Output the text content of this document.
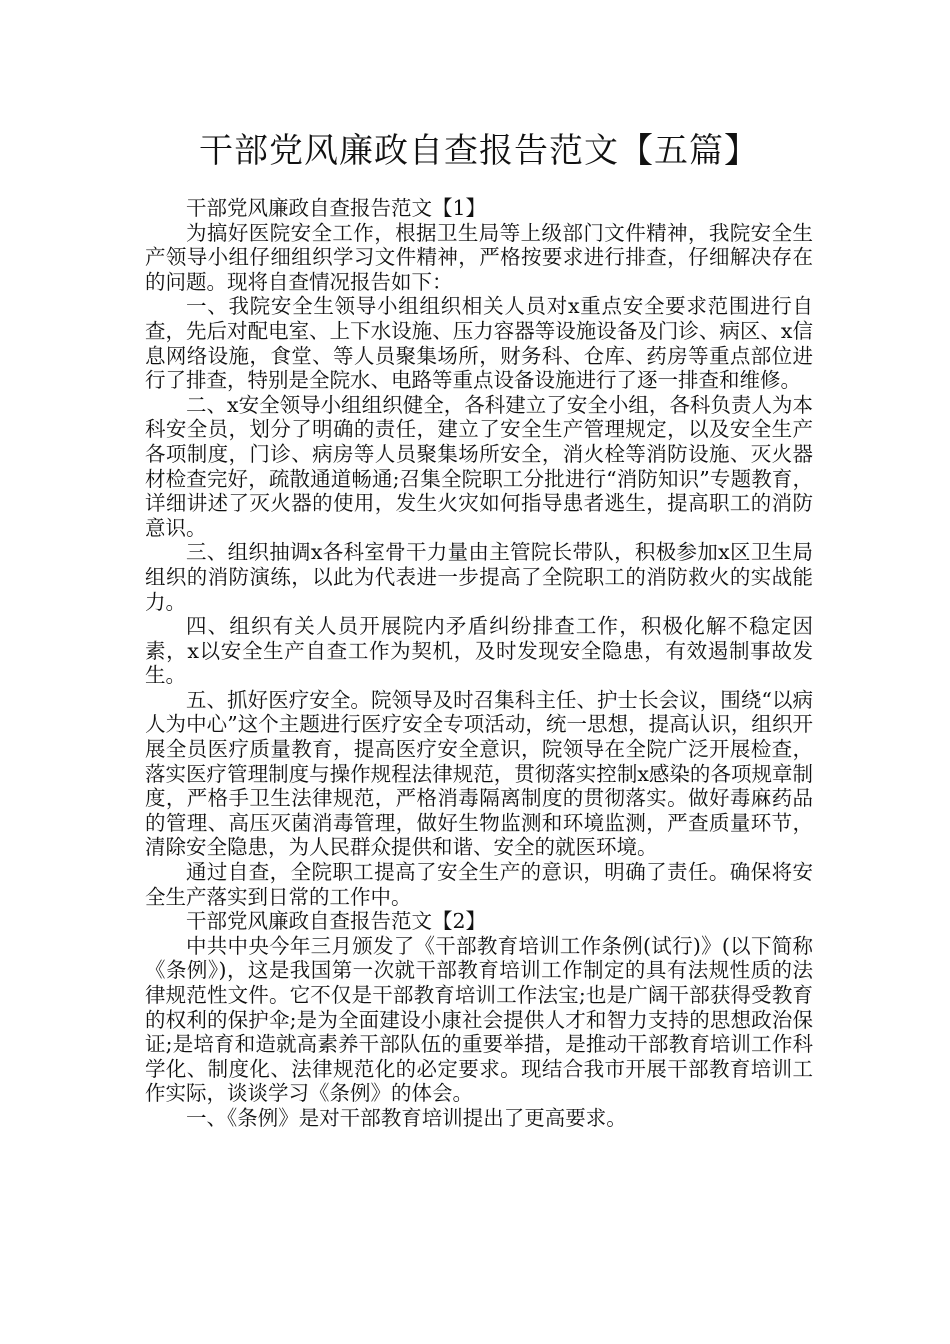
干部党风廉政自查报告范文【五篇】

干部党风廉政自查报告范文【1】

为搞好医院安全工作，根据卫生局等上级部门文件精神，我院安全生产领导小组仔细组织学习文件精神，严格按要求进行排查，仔细解决存在的问题。现将自查情况报告如下：

一、我院安全生领导小组组织相关人员对x重点安全要求范围进行自查，先后对配电室、上下水设施、压力容器等设施设备及门诊、病区、x信息网络设施，食堂、等人员聚集场所，财务科、仓库、药房等重点部位进行了排查，特别是全院水、电路等重点设备设施进行了逐一排查和维修。

二、x安全领导小组组织健全，各科建立了安全小组，各科负责人为本科安全员，划分了明确的责任，建立了安全生产管理规定，以及安全生产各项制度，门诊、病房等人员聚集场所安全，消火栓等消防设施、灭火器材检查完好，疏散通道畅通;召集全院职工分批进行“消防知识”专题教育，详细讲述了灭火器的使用，发生火灾如何指导患者逃生，提高职工的消防意识。

三、组织抽调x各科室骨干力量由主管院长带队，积极参加x区卫生局组织的消防演练，以此为代表进一步提高了全院职工的消防救火的实战能力。

四、组织有关人员开展院内矛盾纠纷排查工作，积极化解不稳定因素，x以安全生产自查工作为契机，及时发现安全隐患，有效遏制事故发生。

五、抓好医疗安全。院领导及时召集科主任、护士长会议，围绕“以病人为中心”这个主题进行医疗安全专项活动，统一思想，提高认识，组织开展全员医疗质量教育，提高医疗安全意识，院领导在全院广泛开展检查，落实医疗管理制度与操作规程法律规范，贯彻落实控制x感染的各项规章制度，严格手卫生法律规范，严格消毒隔离制度的贯彻落实。做好毒麻药品的管理、高压灭菌消毒管理，做好生物监测和环境监测，严查质量环节，清除安全隐患，为人民群众提供和谐、安全的就医环境。

通过自查，全院职工提高了安全生产的意识，明确了责任。确保将安全生产落实到日常的工作中。

干部党风廉政自查报告范文【2】

中共中央今年三月颁发了《干部教育培训工作条例(试行)》(以下简称《条例》)，这是我国第一次就干部教育培训工作制定的具有法规性质的法律规范性文件。它不仅是干部教育培训工作法宝;也是广阔干部获得受教育的权利的保护伞;是为全面建设小康社会提供人才和智力支持的思想政治保证;是培育和造就高素养干部队伍的重要举措，是推动干部教育培训工作科学化、制度化、法律规范化的必定要求。现结合我市开展干部教育培训工作实际，谈谈学习《条例》的体会。

一、《条例》是对干部教育培训提出了更高要求。
